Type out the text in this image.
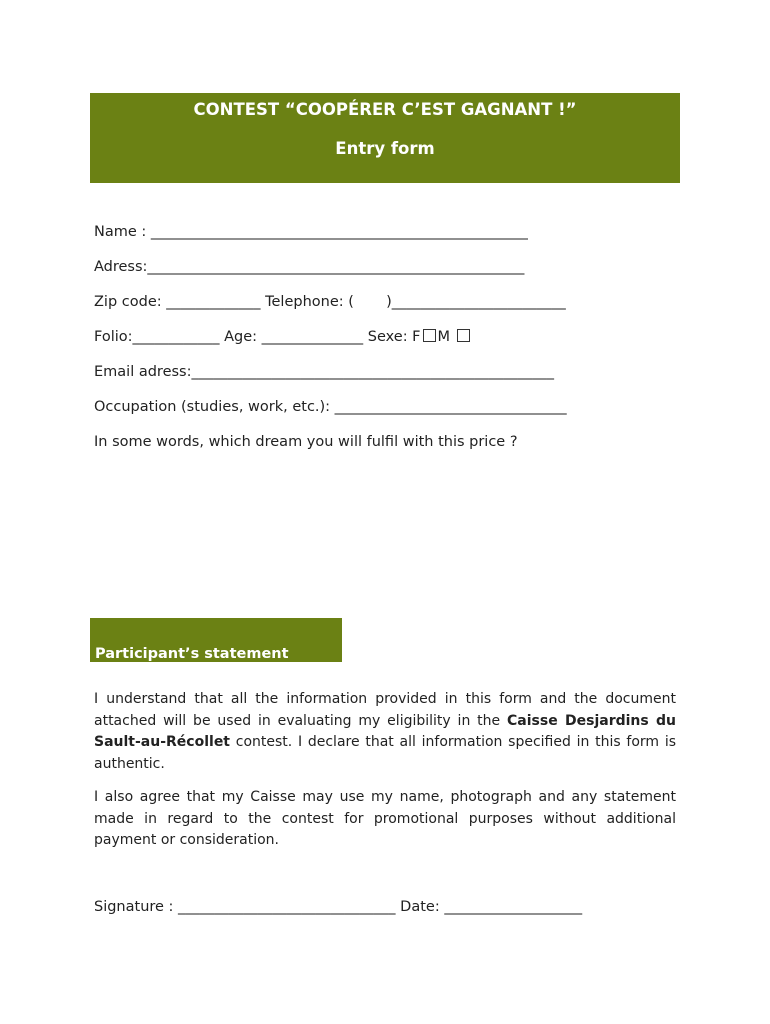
CONTEST “COOPÉRER C’EST GAGNANT !”
Entry form
Name : ____________________________________________________
Adress:____________________________________________________
Zip code: _____________ Telephone: (       )________________________
Folio:____________ Age: ______________ Sexe: F M
Email adress:__________________________________________________
Occupation (studies, work, etc.): ________________________________
In some words, which dream you will fulfil with this price ?
Participant’s statement
I understand that all the information provided in this form and the document attached will be used in evaluating my eligibility in the Caisse Desjardins du Sault-au-Récollet contest. I declare that all information specified in this form is authentic.
I also agree that my Caisse may use my name, photograph and any statement made in regard to the contest for promotional purposes without additional payment or consideration.
Signature : ______________________________ Date: ___________________
